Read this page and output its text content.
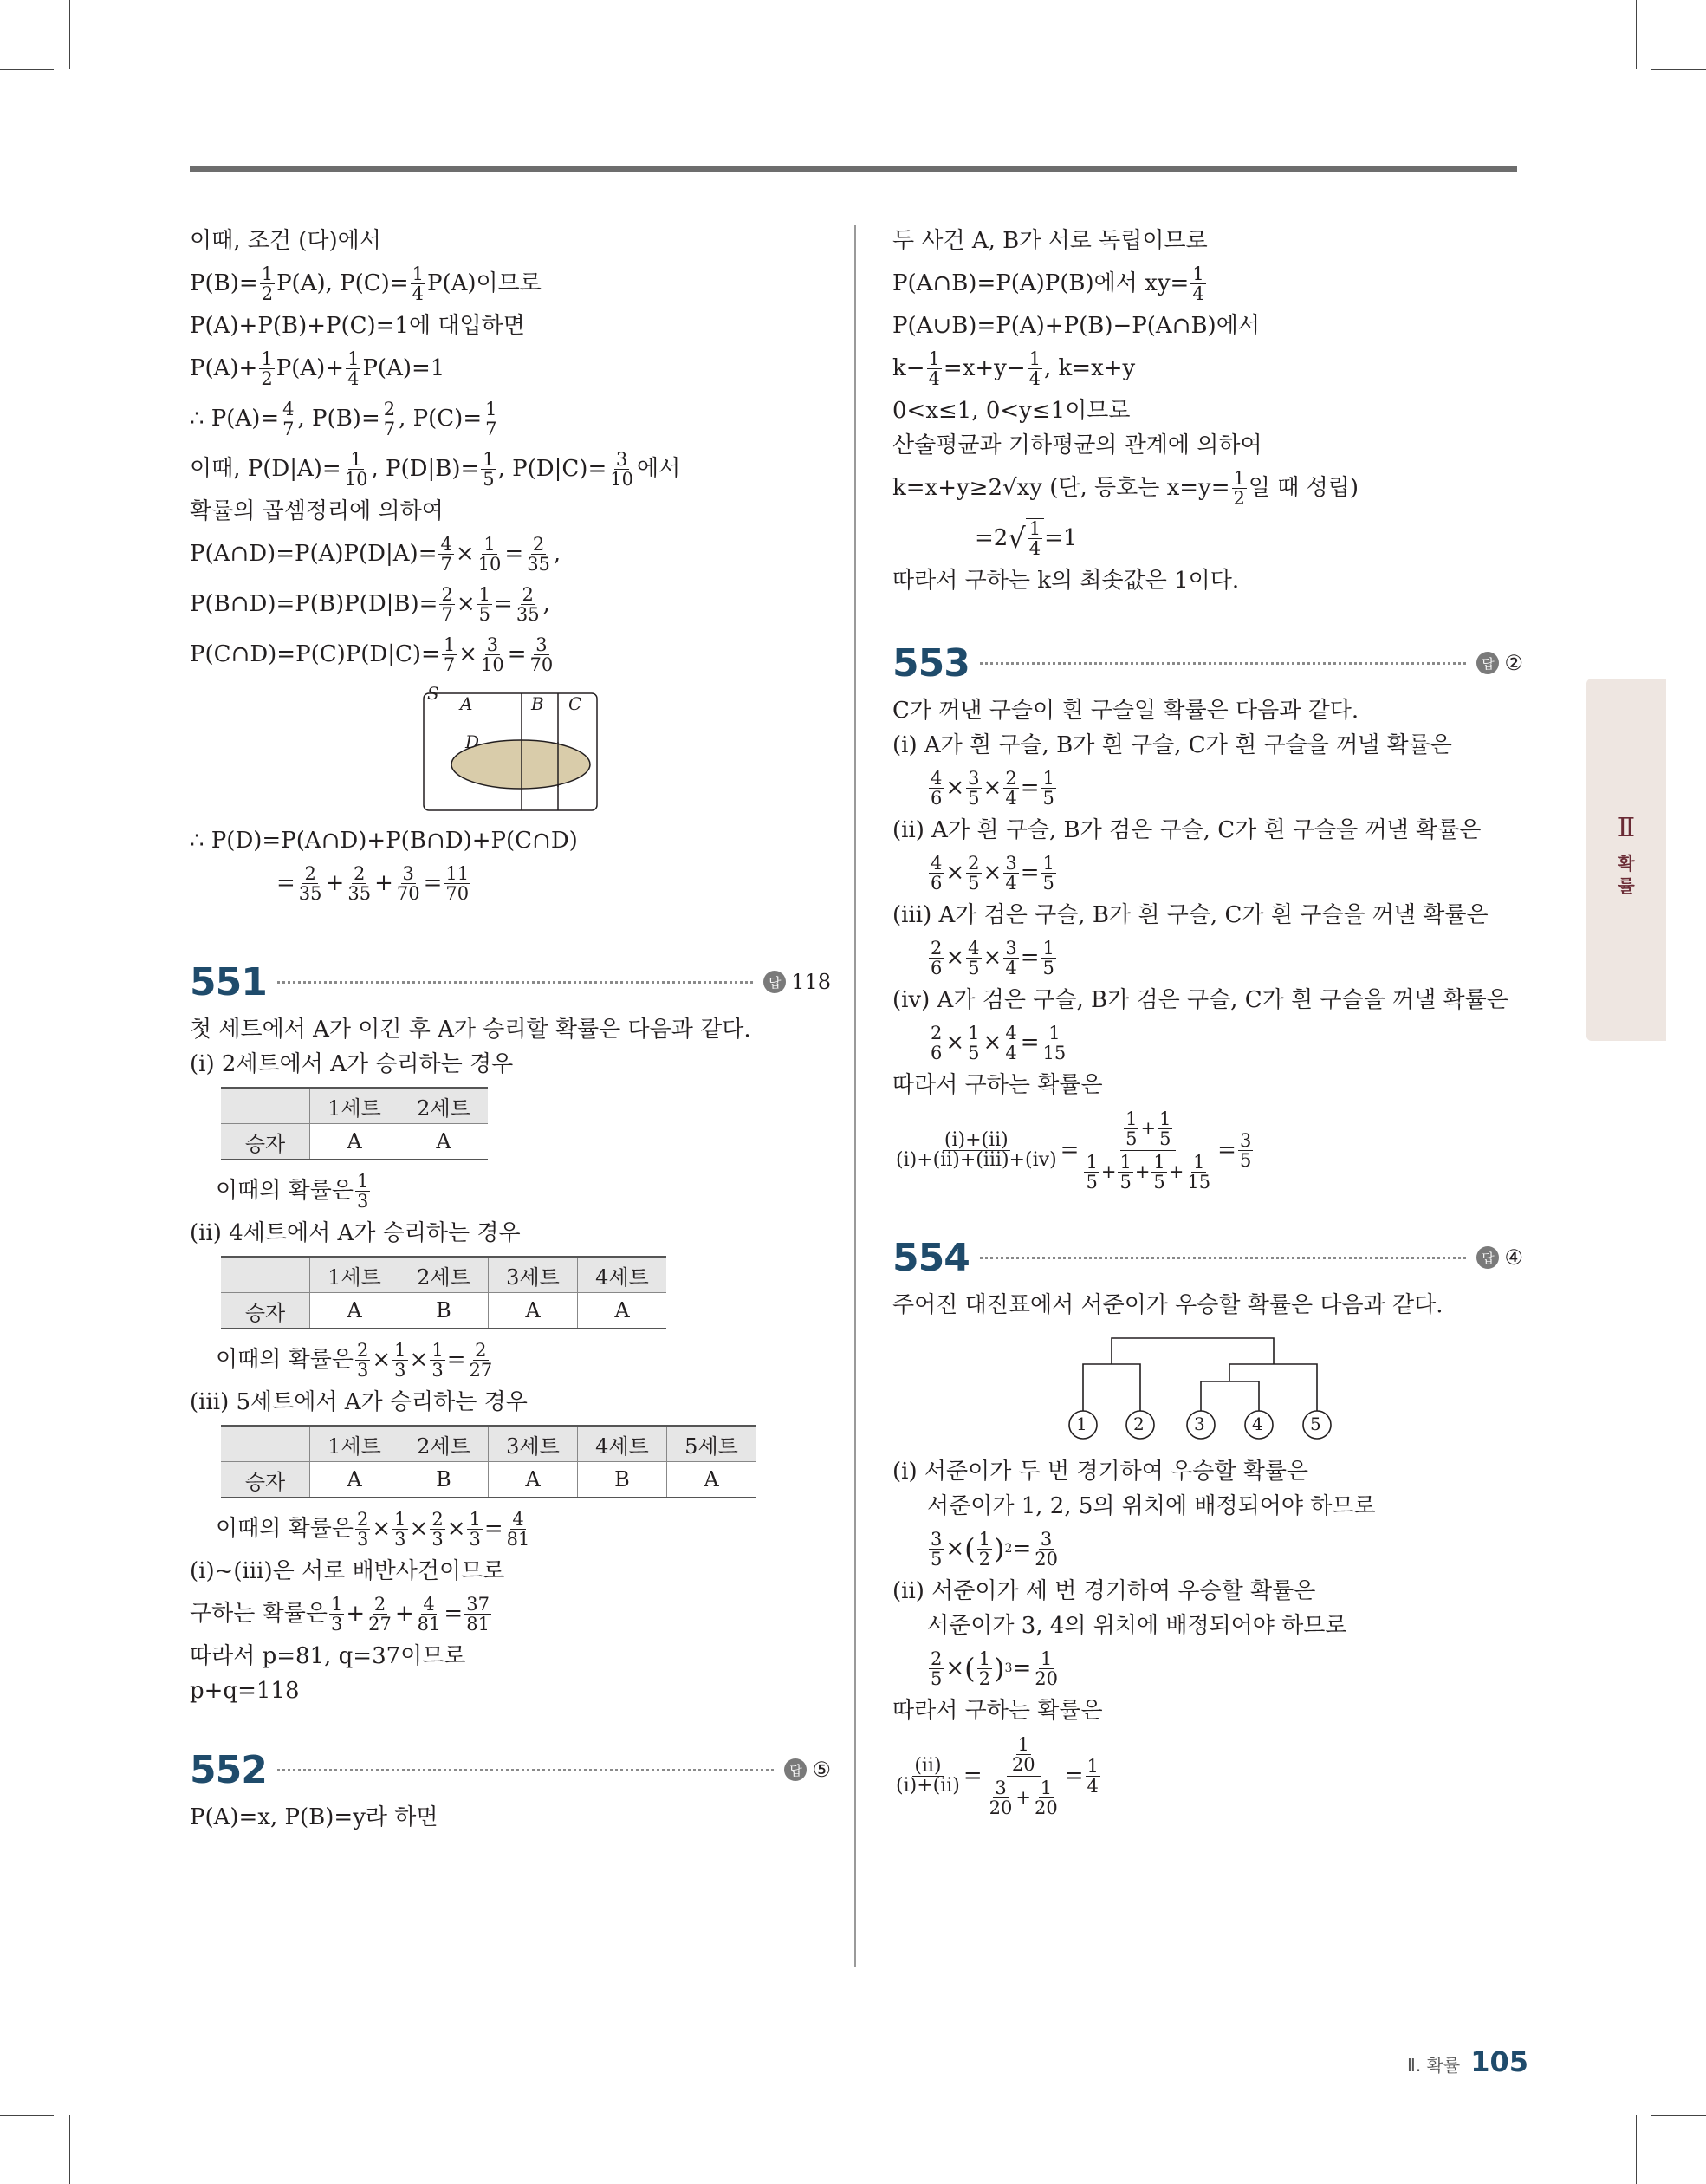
이때, 조건 (다)에서
$P(B)= \frac{1}{2} P(A)$, $P(C)= \frac{1}{4} P(A)$이므로
P(A)+P(B)+P(C)=1에 대입하면
$P(A)+ \frac{1}{2} P(A)+ \frac{1}{4} P(A)=1$
∴ $P(A)= \frac{4}{7}$ , $P(B)= \frac{2}{7}$ , $P(C)= \frac{1}{7}$
이때, $P(D|A)= \frac{1}{10}$ , $P(D|B)= \frac{1}{5}$ , $P(D|C)= \frac{3}{10}$ 에서
확률의 곱셈정리에 의하여
P(A∩D)=P(A)P(D|A)= $\frac{4}{7} \times \frac{1}{10} = \frac{2}{35}$ ,
P(B∩D)=P(B)P(D|B)= $\frac{2}{7} \times \frac{1}{5} = \frac{2}{35}$ ,
P(C∩D)=P(C)P(D|C)= $\frac{1}{7} \times \frac{3}{10} = \frac{3}{70}$
S A	B C
D
∴ P(D)=P(A∩D)+P(B∩D)+P(C∩D)
= $\frac{2}{35} + \frac{2}{35} + \frac{3}{70} = \frac{11}{70}$
551	답 118
첫 세트에서 A가 이긴 후 A가 승리할 확률은 다음과 같다.
(ⅰ) 2세트에서 A가 승리하는 경우
	1세트	2세트
승자	A	A
이때의 확률은 $\frac{1}{3}$
(ⅱ) 4세트에서 A가 승리하는 경우
	1세트	2세트	3세트	4세트
승자	A	B	A	A
이때의 확률은 $\frac{2}{3} \times \frac{1}{3} \times \frac{1}{3} = \frac{2}{27}$
(ⅲ) 5세트에서 A가 승리하는 경우
	1세트	2세트	3세트	4세트	5세트
승자	A	B	A	B	A
이때의 확률은 $\frac{2}{3} \times \frac{1}{3} \times \frac{2}{3} \times \frac{1}{3} = \frac{4}{81}$
(ⅰ)~(ⅲ)은 서로 배반사건이므로
구하는 확률은 $\frac{1}{3} + \frac{2}{27} + \frac{4}{81} = \frac{37}{81}$
따라서 p=81, q=37이므로
p+q=118
552	답 ⑤
P(A)=x, P(B)=y라 하면
두 사건 A, B가 서로 독립이므로
P(A∩B)=P(A)P(B)에서 $xy= \frac{1}{4}$
P(A∪B)=P(A)+P(B)−P(A∩B)에서
$k- \frac{1}{4} =x+y- \frac{1}{4}$ , k=x+y
0<x≤1, 0<y≤1이므로
산술평균과 기하평균의 관계에 의하여
k=x+y≥2√xy (단, 등호는 $x=y= \frac{1}{2}$ 일 때 성립)
=2 √ $\frac{1}{4} =1$
따라서 구하는 k의 최솟값은 1이다.
553	답 ②
C가 꺼낸 구슬이 흰 구슬일 확률은 다음과 같다.
(ⅰ) A가 흰 구슬, B가 흰 구슬, C가 흰 구슬을 꺼낼 확률은
$\frac{4}{6} \times \frac{3}{5} \times \frac{2}{4} = \frac{1}{5}$
(ⅱ) A가 흰 구슬, B가 검은 구슬, C가 흰 구슬을 꺼낼 확률은
$\frac{4}{6} \times \frac{2}{5} \times \frac{3}{4} = \frac{1}{5}$
(ⅲ) A가 검은 구슬, B가 흰 구슬, C가 흰 구슬을 꺼낼 확률은
$\frac{2}{6} \times \frac{4}{5} \times \frac{3}{4} = \frac{1}{5}$
(ⅳ) A가 검은 구슬, B가 검은 구슬, C가 흰 구슬을 꺼낼 확률은
$\frac{2}{6} \times \frac{1}{5} \times \frac{4}{4} = \frac{1}{15}$
따라서 구하는 확률은
$\frac{\text{(ⅰ)+(ⅱ)}}{\text{(ⅰ)+(ⅱ)+(ⅲ)+(ⅳ)}} = \frac{\frac{1}{5} + \frac{1}{5}}{\frac{1}{5} + \frac{1}{5} + \frac{1}{5} + \frac{1}{15}} = \frac{3}{5}$
554	답 ④
주어진 대진표에서 서준이가 우승할 확률은 다음과 같다.
1	2	3	4	5
(ⅰ) 서준이가 두 번 경기하여 우승할 확률은
서준이가 1, 2, 5의 위치에 배정되어야 하므로
$\frac{3}{5}$ × ( $\frac{1}{2}$ ) $2 = \frac{3}{20}$
(ⅱ) 서준이가 세 번 경기하여 우승할 확률은
서준이가 3, 4의 위치에 배정되어야 하므로
$\frac{2}{5}$ × ( $\frac{1}{2}$ ) $3 = \frac{1}{20}$
따라서 구하는 확률은
$\frac{\text{(ⅱ)}}{\text{(ⅰ)+(ⅱ)}} = \frac{\frac{1}{20}}{\frac{3}{20} + \frac{1}{20}} = \frac{1}{4}$
Ⅱ
확
률
Ⅱ. 확률 105
